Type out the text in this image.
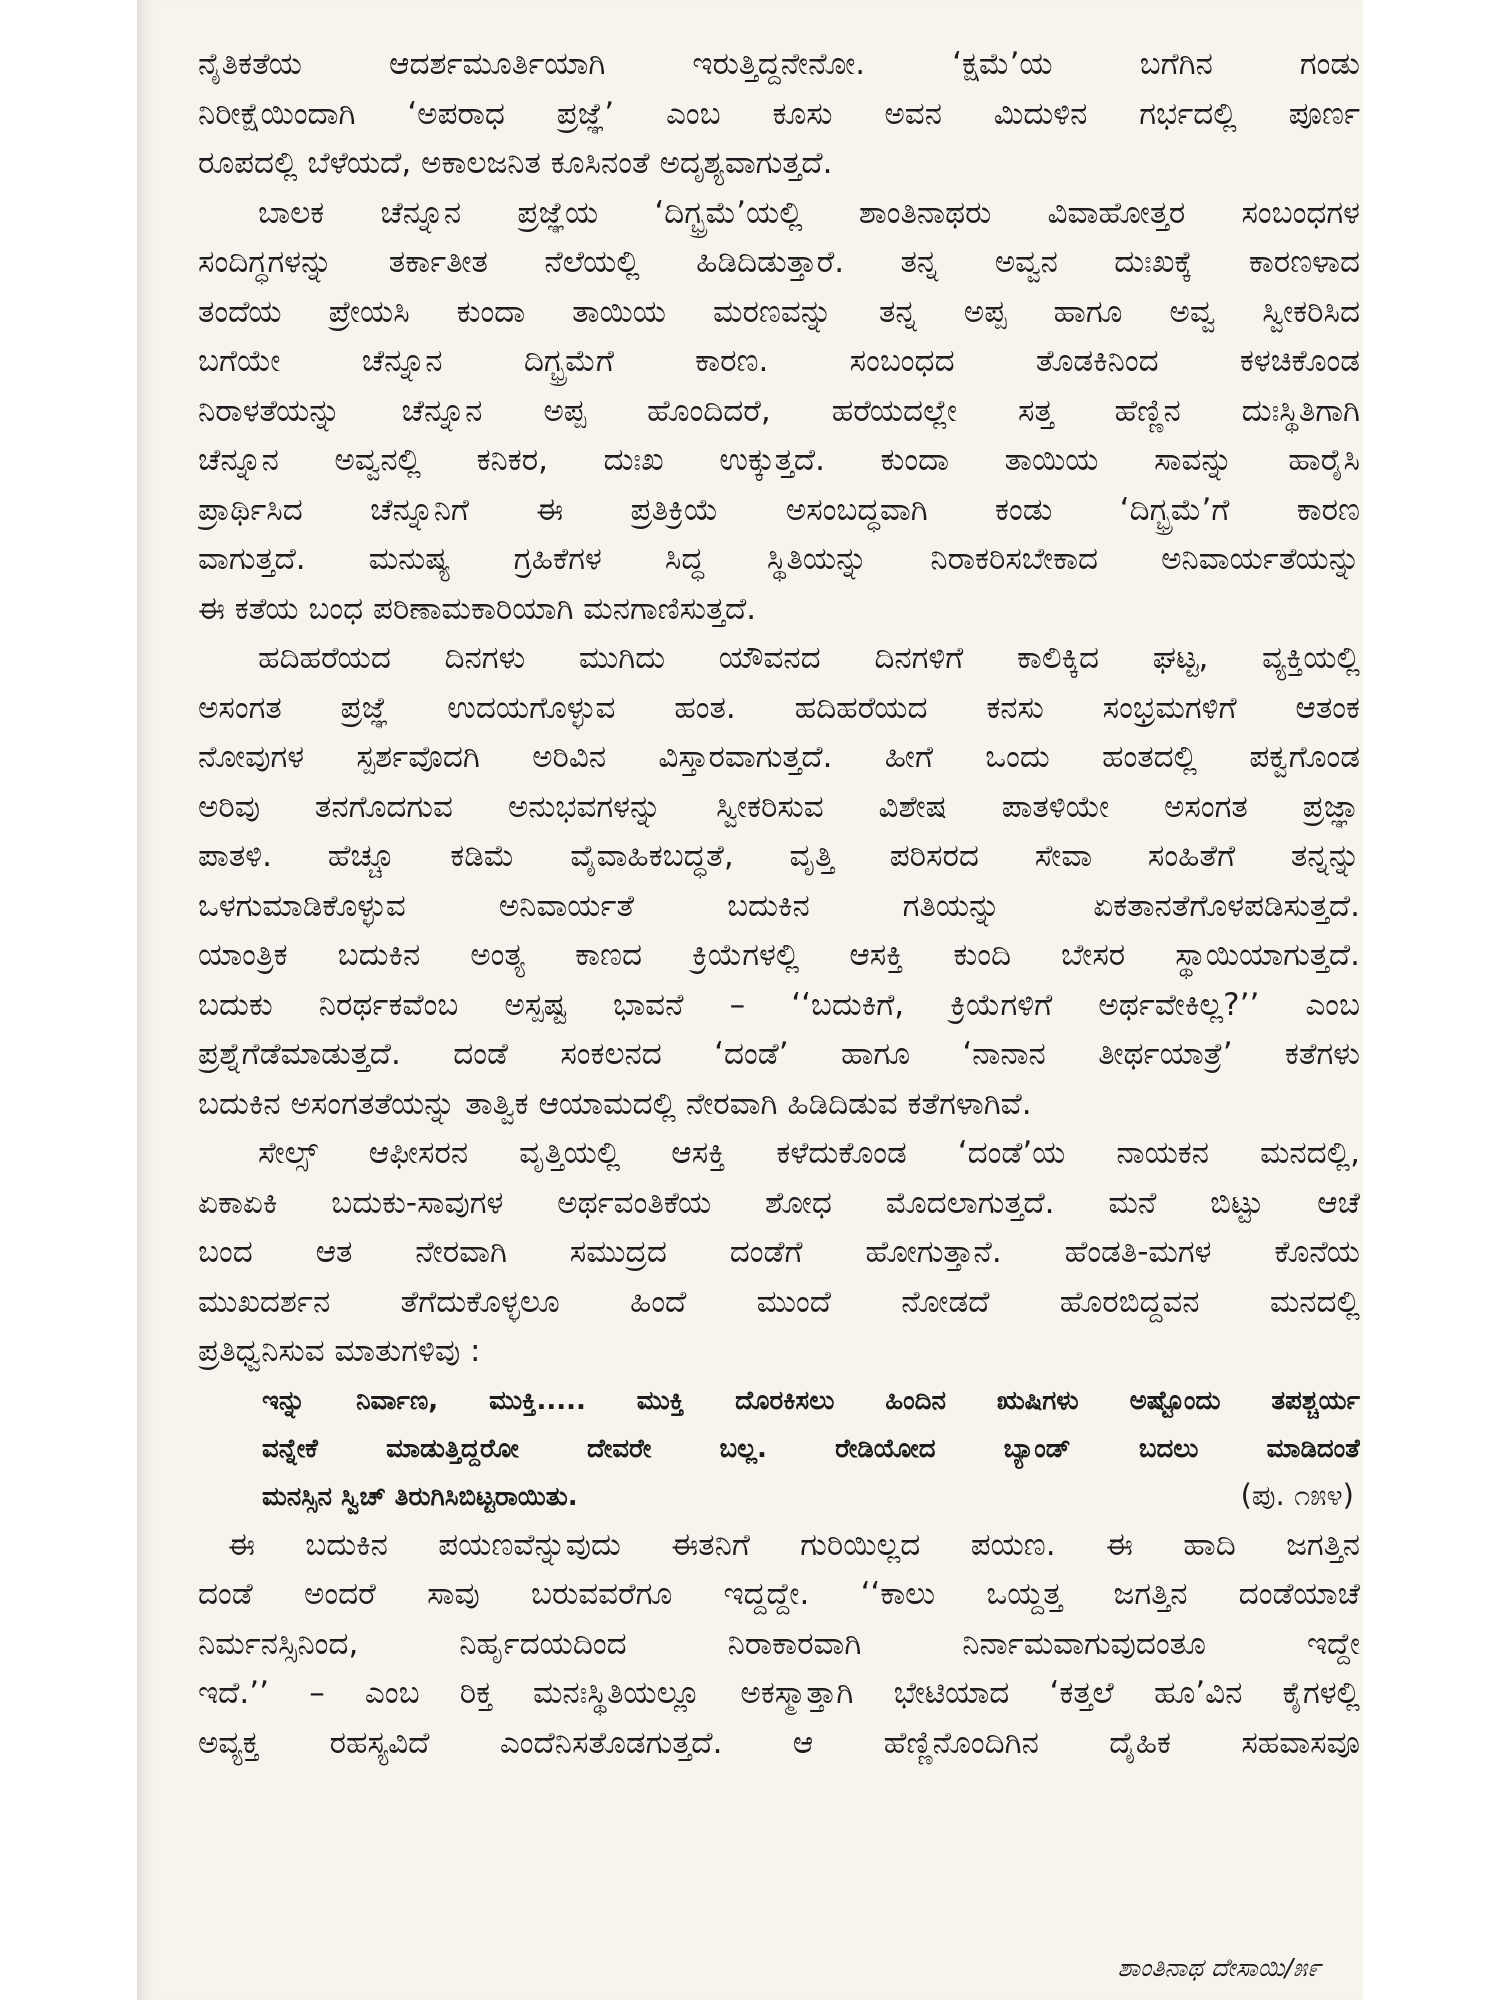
ನೈತಿಕತೆಯ ಆದರ್ಶಮೂರ್ತಿಯಾಗಿ ಇರುತ್ತಿದ್ದನೇನೋ. ‘ಕ್ಷಮೆ’ಯ ಬಗೆಗಿನ ಗಂಡು
ನಿರೀಕ್ಷೆಯಿಂದಾಗಿ ‘ಅಪರಾಧ ಪ್ರಜ್ಞೆ’ ಎಂಬ ಕೂಸು ಅವನ ಮಿದುಳಿನ ಗರ್ಭದಲ್ಲಿ ಪೂರ್ಣ
ರೂಪದಲ್ಲಿ ಬೆಳೆಯದೆ, ಅಕಾಲಜನಿತ ಕೂಸಿನಂತೆ ಅದೃಶ್ಯವಾಗುತ್ತದೆ.
ಬಾಲಕ ಚೆನ್ನೂನ ಪ್ರಜ್ಞೆಯ ‘ದಿಗ್ಭ್ರಮೆ’ಯಲ್ಲಿ ಶಾಂತಿನಾಥರು ವಿವಾಹೋತ್ತರ ಸಂಬಂಧಗಳ
ಸಂದಿಗ್ಧಗಳನ್ನು ತರ್ಕಾತೀತ ನೆಲೆಯಲ್ಲಿ ಹಿಡಿದಿಡುತ್ತಾರೆ. ತನ್ನ ಅವ್ವನ ದುಃಖಕ್ಕೆ ಕಾರಣಳಾದ
ತಂದೆಯ ಪ್ರೇಯಸಿ ಕುಂದಾ ತಾಯಿಯ ಮರಣವನ್ನು ತನ್ನ ಅಪ್ಪ ಹಾಗೂ ಅವ್ವ ಸ್ವೀಕರಿಸಿದ
ಬಗೆಯೇ ಚೆನ್ನೂನ ದಿಗ್ಭ್ರಮೆಗೆ ಕಾರಣ. ಸಂಬಂಧದ ತೊಡಕಿನಿಂದ ಕಳಚಿಕೊಂಡ
ನಿರಾಳತೆಯನ್ನು ಚೆನ್ನೂನ ಅಪ್ಪ ಹೊಂದಿದರೆ, ಹರೆಯದಲ್ಲೇ ಸತ್ತ ಹೆಣ್ಣಿನ ದುಃಸ್ಥಿತಿಗಾಗಿ
ಚೆನ್ನೂನ ಅವ್ವನಲ್ಲಿ ಕನಿಕರ, ದುಃಖ ಉಕ್ಕುತ್ತದೆ. ಕುಂದಾ ತಾಯಿಯ ಸಾವನ್ನು ಹಾರೈಸಿ
ಪ್ರಾರ್ಥಿಸಿದ ಚೆನ್ನೂನಿಗೆ ಈ ಪ್ರತಿಕ್ರಿಯೆ ಅಸಂಬದ್ಧವಾಗಿ ಕಂಡು ‘ದಿಗ್ಭ್ರಮೆ’ಗೆ ಕಾರಣ
ವಾಗುತ್ತದೆ. ಮನುಷ್ಯ ಗ್ರಹಿಕೆಗಳ ಸಿದ್ಧ ಸ್ಥಿತಿಯನ್ನು ನಿರಾಕರಿಸಬೇಕಾದ ಅನಿವಾರ್ಯತೆಯನ್ನು
ಈ ಕತೆಯ ಬಂಧ ಪರಿಣಾಮಕಾರಿಯಾಗಿ ಮನಗಾಣಿಸುತ್ತದೆ.
ಹದಿಹರೆಯದ ದಿನಗಳು ಮುಗಿದು ಯೌವನದ ದಿನಗಳಿಗೆ ಕಾಲಿಕ್ಕಿದ ಘಟ್ಟ, ವ್ಯಕ್ತಿಯಲ್ಲಿ
ಅಸಂಗತ ಪ್ರಜ್ಞೆ ಉದಯಗೊಳ್ಳುವ ಹಂತ. ಹದಿಹರೆಯದ ಕನಸು ಸಂಭ್ರಮಗಳಿಗೆ ಆತಂಕ
ನೋವುಗಳ ಸ್ಪರ್ಶವೊದಗಿ ಅರಿವಿನ ವಿಸ್ತಾರವಾಗುತ್ತದೆ. ಹೀಗೆ ಒಂದು ಹಂತದಲ್ಲಿ ಪಕ್ವಗೊಂಡ
ಅರಿವು ತನಗೊದಗುವ ಅನುಭವಗಳನ್ನು ಸ್ವೀಕರಿಸುವ ವಿಶೇಷ ಪಾತಳಿಯೇ ಅಸಂಗತ ಪ್ರಜ್ಞಾ
ಪಾತಳಿ. ಹೆಚ್ಚೂ ಕಡಿಮೆ ವೈವಾಹಿಕಬದ್ಧತೆ, ವೃತ್ತಿ ಪರಿಸರದ ಸೇವಾ ಸಂಹಿತೆಗೆ ತನ್ನನ್ನು
ಒಳಗುಮಾಡಿಕೊಳ್ಳುವ ಅನಿವಾರ್ಯತೆ ಬದುಕಿನ ಗತಿಯನ್ನು ಏಕತಾನತೆಗೊಳಪಡಿಸುತ್ತದೆ.
ಯಾಂತ್ರಿಕ ಬದುಕಿನ ಅಂತ್ಯ ಕಾಣದ ಕ್ರಿಯೆಗಳಲ್ಲಿ ಆಸಕ್ತಿ ಕುಂದಿ ಬೇಸರ ಸ್ಥಾಯಿಯಾಗುತ್ತದೆ.
ಬದುಕು ನಿರರ್ಥಕವೆಂಬ ಅಸ್ಪಷ್ಟ ಭಾವನೆ – ‘‘ಬದುಕಿಗೆ, ಕ್ರಿಯೆಗಳಿಗೆ ಅರ್ಥವೇಕಿಲ್ಲ?’’ ಎಂಬ
ಪ್ರಶ್ನೆಗೆಡೆಮಾಡುತ್ತದೆ. ದಂಡೆ ಸಂಕಲನದ ‘ದಂಡೆ’ ಹಾಗೂ ‘ನಾನಾನ ತೀರ್ಥಯಾತ್ರೆ’ ಕತೆಗಳು
ಬದುಕಿನ ಅಸಂಗತತೆಯನ್ನು ತಾತ್ವಿಕ ಆಯಾಮದಲ್ಲಿ ನೇರವಾಗಿ ಹಿಡಿದಿಡುವ ಕತೆಗಳಾಗಿವೆ.
ಸೇಲ್ಸ್ ಆಫೀಸರನ ವೃತ್ತಿಯಲ್ಲಿ ಆಸಕ್ತಿ ಕಳೆದುಕೊಂಡ ‘ದಂಡೆ’ಯ ನಾಯಕನ ಮನದಲ್ಲಿ,
ಏಕಾಏಕಿ ಬದುಕು-ಸಾವುಗಳ ಅರ್ಥವಂತಿಕೆಯ ಶೋಧ ಮೊದಲಾಗುತ್ತದೆ. ಮನೆ ಬಿಟ್ಟು ಆಚೆ
ಬಂದ ಆತ ನೇರವಾಗಿ ಸಮುದ್ರದ ದಂಡೆಗೆ ಹೋಗುತ್ತಾನೆ. ಹೆಂಡತಿ-ಮಗಳ ಕೊನೆಯ
ಮುಖದರ್ಶನ ತೆಗೆದುಕೊಳ್ಳಲೂ ಹಿಂದೆ ಮುಂದೆ ನೋಡದೆ ಹೊರಬಿದ್ದವನ ಮನದಲ್ಲಿ
ಪ್ರತಿಧ್ವನಿಸುವ ಮಾತುಗಳಿವು :
ಇನ್ನು ನಿರ್ವಾಣ, ಮುಕ್ತಿ..... ಮುಕ್ತಿ ದೊರಕಿಸಲು ಹಿಂದಿನ ಋಷಿಗಳು ಅಷ್ಟೊಂದು ತಪಶ್ಚರ್ಯ
ವನ್ನೇಕೆ ಮಾಡುತ್ತಿದ್ದರೋ ದೇವರೇ ಬಲ್ಲ. ರೇಡಿಯೋದ ಬ್ಯಾಂಡ್ ಬದಲು ಮಾಡಿದಂತೆ
ಮನಸ್ಸಿನ ಸ್ವಿಚ್ ತಿರುಗಿಸಿಬಿಟ್ಟರಾಯಿತು.	(ಪು. ೧೫೪)
ಈ ಬದುಕಿನ ಪಯಣವೆನ್ನುವುದು ಈತನಿಗೆ ಗುರಿಯಿಲ್ಲದ ಪಯಣ. ಈ ಹಾದಿ ಜಗತ್ತಿನ
ದಂಡೆ ಅಂದರೆ ಸಾವು ಬರುವವರೆಗೂ ಇದ್ದದ್ದೇ. ‘‘ಕಾಲು ಒಯ್ದತ್ತ ಜಗತ್ತಿನ ದಂಡೆಯಾಚೆ
ನಿರ್ಮನಸ್ಸಿನಿಂದ, ನಿರ್ಹೃದಯದಿಂದ ನಿರಾಕಾರವಾಗಿ ನಿರ್ನಾಮವಾಗುವುದಂತೂ ಇದ್ದೇ
ಇದೆ.’’ – ಎಂಬ ರಿಕ್ತ ಮನಃಸ್ಥಿತಿಯಲ್ಲೂ ಅಕಸ್ಮಾತ್ತಾಗಿ ಭೇಟಿಯಾದ ‘ಕತ್ತಲೆ ಹೂ’ವಿನ ಕೈಗಳಲ್ಲಿ
ಅವ್ಯಕ್ತ ರಹಸ್ಯವಿದೆ ಎಂದೆನಿಸತೊಡಗುತ್ತದೆ. ಆ ಹೆಣ್ಣಿನೊಂದಿಗಿನ ದೈಹಿಕ ಸಹವಾಸವೂ
ಶಾಂತಿನಾಥ ದೇಸಾಯಿ/೫೯
